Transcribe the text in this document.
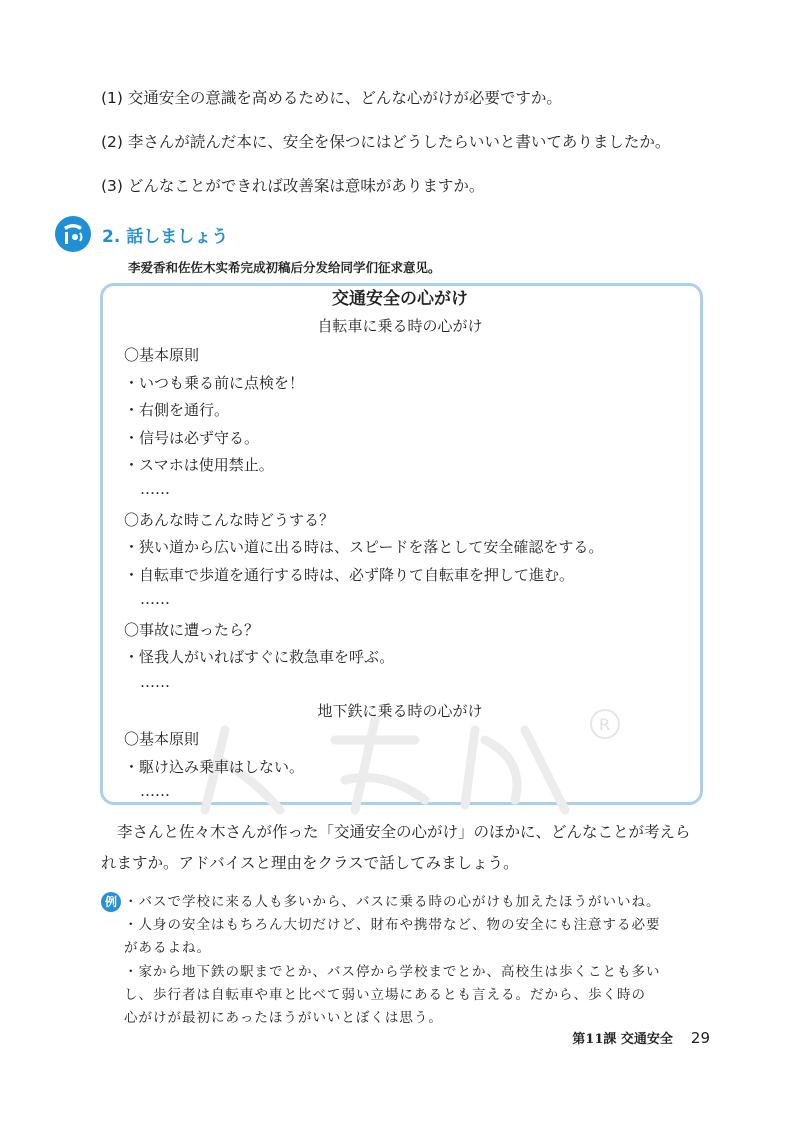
(1) 交通安全の意識を高めるために、どんな心がけが必要ですか。
(2) 李さんが読んだ本に、安全を保つにはどうしたらいいと書いてありましたか。
(3) どんなことができれば改善案は意味がありますか。
2. 話しましょう
李爱香和佐佐木实希完成初稿后分发给同学们征求意见。
R
交通安全の心がけ
自転車に乗る時の心がけ
〇基本原則
・いつも乗る前に点検を！
・右側を通行。
・信号は必ず守る。
・スマホは使用禁止。
……
〇あんな時こんな時どうする？
・狭い道から広い道に出る時は、スピードを落として安全確認をする。
・自転車で歩道を通行する時は、必ず降りて自転車を押して進む。
……
〇事故に遭ったら？
・怪我人がいればすぐに救急車を呼ぶ。
……
地下鉄に乗る時の心がけ
〇基本原則
・駆け込み乗車はしない。
……
李さんと佐々木さんが作った「交通安全の心がけ」のほかに、どんなことが考えら
れますか。アドバイスと理由をクラスで話してみましょう。
例 ・バスで学校に来る人も多いから、バスに乗る時の心がけも加えたほうがいいね。
・人身の安全はもちろん大切だけど、財布や携帯など、物の安全にも注意する必要
があるよね。
・家から地下鉄の駅までとか、バス停から学校までとか、高校生は歩くことも多い
し、歩行者は自転車や車と比べて弱い立場にあるとも言える。だから、歩く時の
心がけが最初にあったほうがいいとぼくは思う。
第11課 交通安全 29
